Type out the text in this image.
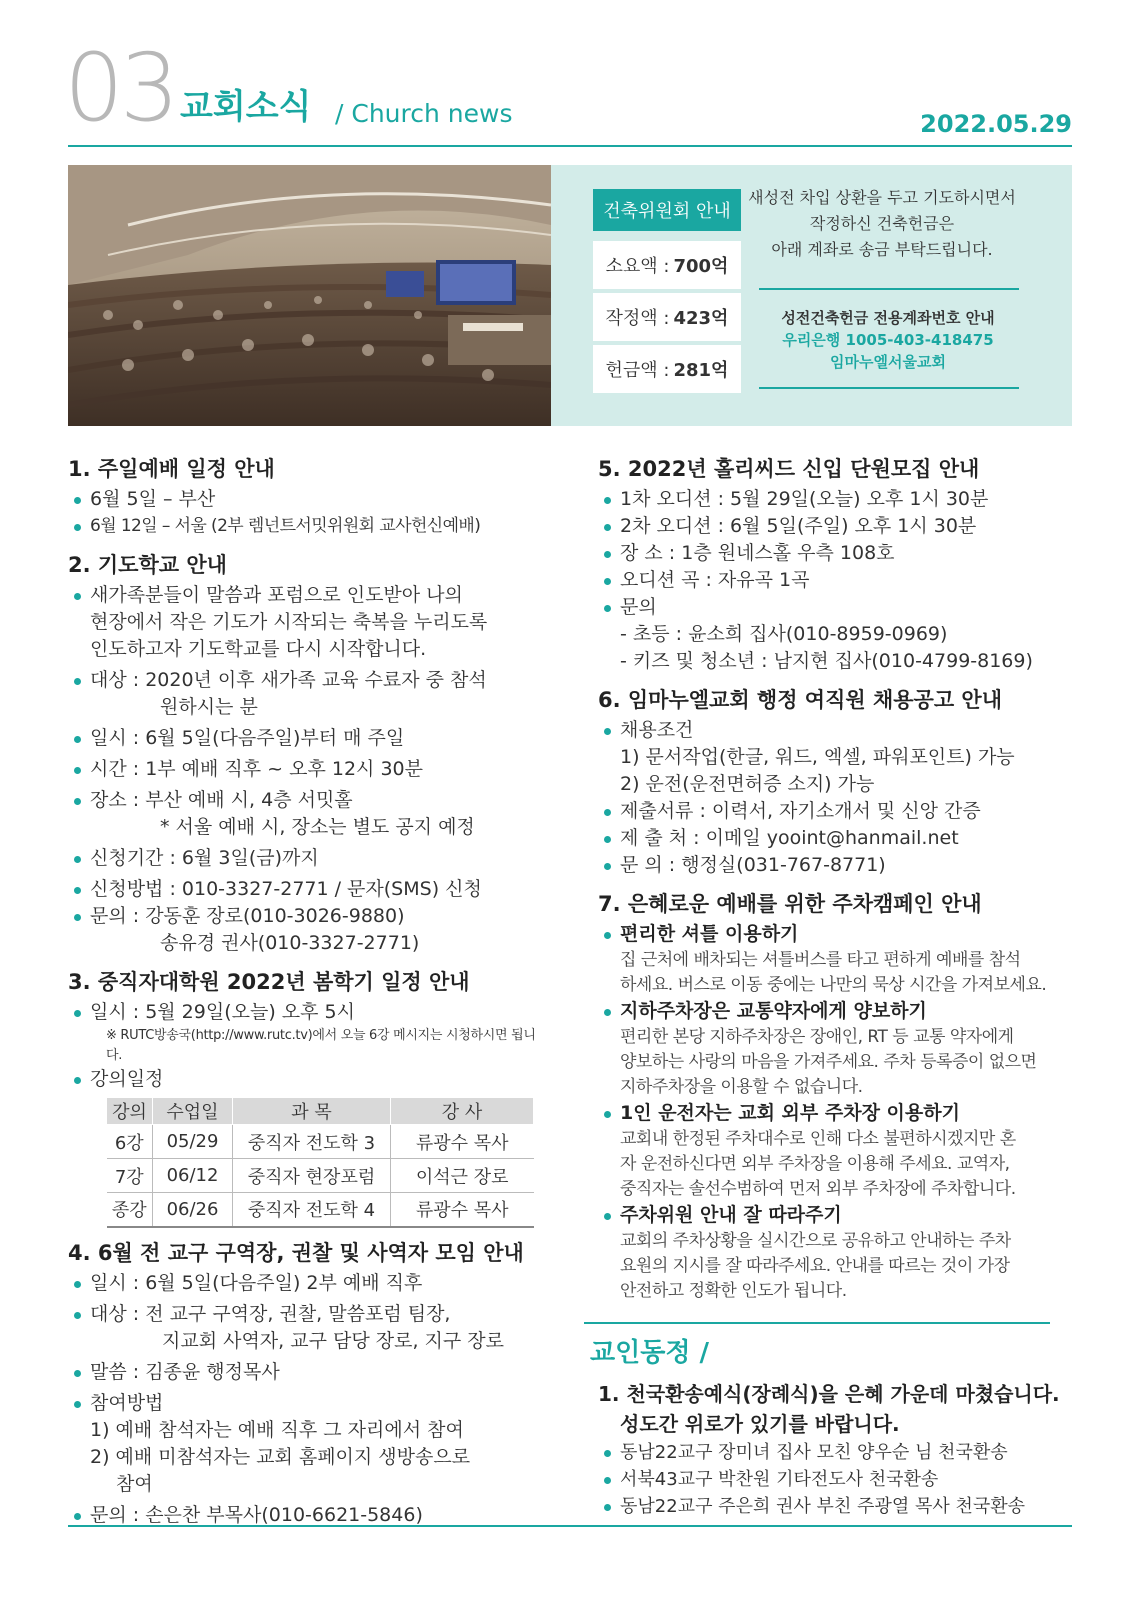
03 교회소식 / Church news	2022.05.29
건축위원회 안내
소요액 : 700억
작정액 : 423억
헌금액 : 281억
새성전 차입 상환을 두고 기도하시면서
작정하신 건축헌금은
아래 계좌로 송금 부탁드립니다.
성전건축헌금 전용계좌번호 안내
우리은행 1005-403-418475
임마누엘서울교회
1. 주일예배 일정 안내
6월 5일 – 부산
6월 12일 – 서울 (2부 렘넌트서밋위원회 교사헌신예배)
2. 기도학교 안내
새가족분들이 말씀과 포럼으로 인도받아 나의
현장에서 작은 기도가 시작되는 축복을 누리도록
인도하고자 기도학교를 다시 시작합니다.
대상 : 2020년 이후 새가족 교육 수료자 중 참석
원하시는 분
일시 : 6월 5일(다음주일)부터 매 주일
시간 : 1부 예배 직후 ~ 오후 12시 30분
장소 : 부산 예배 시, 4층 서밋홀
* 서울 예배 시, 장소는 별도 공지 예정
신청기간 : 6월 3일(금)까지
신청방법 : 010-3327-2771 / 문자(SMS) 신청
문의 : 강동훈 장로(010-3026-9880)
송유경 권사(010-3327-2771)
3. 중직자대학원 2022년 봄학기 일정 안내
일시 : 5월 29일(오늘) 오후 5시
※ RUTC방송국(http://www.rutc.tv)에서 오늘 6강 메시지는 시청하시면 됩니다.
강의일정
강의	수업일	과 목	강 사
6강	05/29	중직자 전도학 3	류광수 목사
7강	06/12	중직자 현장포럼	이석근 장로
종강	06/26	중직자 전도학 4	류광수 목사
4. 6월 전 교구 구역장, 권찰 및 사역자 모임 안내
일시 : 6월 5일(다음주일) 2부 예배 직후
대상 : 전 교구 구역장, 권찰, 말씀포럼 팀장,
지교회 사역자, 교구 담당 장로, 지구 장로
말씀 : 김종윤 행정목사
참여방법
1) 예배 참석자는 예배 직후 그 자리에서 참여
2) 예배 미참석자는 교회 홈페이지 생방송으로
참여
문의 : 손은찬 부목사(010-6621-5846)
5. 2022년 홀리씨드 신입 단원모집 안내
1차 오디션 : 5월 29일(오늘) 오후 1시 30분
2차 오디션 : 6월 5일(주일) 오후 1시 30분
장 소 : 1층 원네스홀 우측 108호
오디션 곡 : 자유곡 1곡
문의
- 초등 : 윤소희 집사(010-8959-0969)
- 키즈 및 청소년 : 남지현 집사(010-4799-8169)
6. 임마누엘교회 행정 여직원 채용공고 안내
채용조건
1) 문서작업(한글, 워드, 엑셀, 파워포인트) 가능
2) 운전(운전면허증 소지) 가능
제출서류 : 이력서, 자기소개서 및 신앙 간증
제 출 처 : 이메일 yooint@hanmail.net
문 의 : 행정실(031-767-8771)
7. 은혜로운 예배를 위한 주차캠페인 안내
편리한 셔틀 이용하기
집 근처에 배차되는 셔틀버스를 타고 편하게 예배를 참석
하세요. 버스로 이동 중에는 나만의 묵상 시간을 가져보세요.
지하주차장은 교통약자에게 양보하기
편리한 본당 지하주차장은 장애인, RT 등 교통 약자에게
양보하는 사랑의 마음을 가져주세요. 주차 등록증이 없으면
지하주차장을 이용할 수 없습니다.
1인 운전자는 교회 외부 주차장 이용하기
교회내 한정된 주차대수로 인해 다소 불편하시겠지만 혼
자 운전하신다면 외부 주차장을 이용해 주세요. 교역자,
중직자는 솔선수범하여 먼저 외부 주차장에 주차합니다.
주차위원 안내 잘 따라주기
교회의 주차상황을 실시간으로 공유하고 안내하는 주차
요원의 지시를 잘 따라주세요. 안내를 따르는 것이 가장
안전하고 정확한 인도가 됩니다.
교인동정 /
1. 천국환송예식(장례식)을 은혜 가운데 마쳤습니다.
성도간 위로가 있기를 바랍니다.
동남22교구 장미녀 집사 모친 양우순 님 천국환송
서북43교구 박찬원 기타전도사 천국환송
동남22교구 주은희 권사 부친 주광열 목사 천국환송
